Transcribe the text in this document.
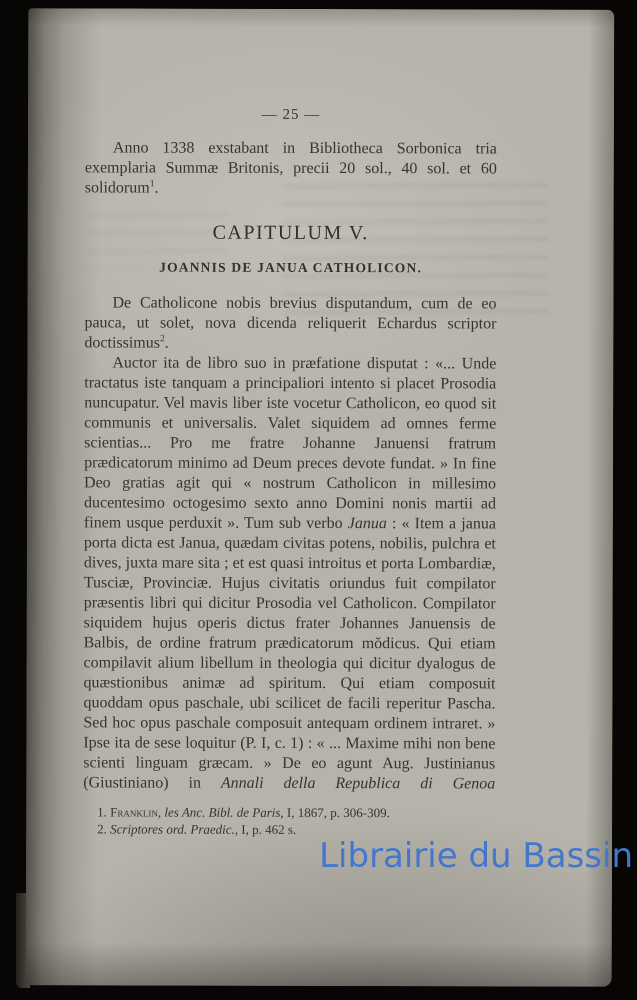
— 25 —

Anno 1338 exstabant in Bibliotheca Sorbonica tria exemplaria Summæ Britonis, precii 20 sol., 40 sol. et 60 solidorum$^1$.

CAPITULUM V.
JOANNIS DE JANUA CATHOLICON.

De Catholicone nobis brevius disputandum, cum de eo pauca, ut solet, nova dicenda reliquerit Echardus scriptor doctissimus$^2$.

Auctor ita de libro suo in præfatione disputat : «... Unde tractatus iste tanquam a principaliori intento si placet Prosodia nuncupatur. Vel mavis liber iste vocetur Catholicon, eo quod sit communis et universalis. Valet siquidem ad omnes ferme scientias... Pro me fratre Johanne Januensi fratrum prædicatorum minimo ad Deum preces devote fundat. » In fine Deo gratias agit qui « nostrum Catholicon in millesimo ducentesimo octogesimo sexto anno Domini nonis martii ad finem usque perduxit ». Tum sub verbo Janua : « Item a janua porta dicta est Janua, quædam civitas potens, nobilis, pulchra et dives, juxta mare sita ; et est quasi introitus et porta Lombardiæ, Tusciæ, Provinciæ. Hujus civitatis oriundus fuit compilator præsentis libri qui dicitur Prosodia vel Catholicon. Compilator siquidem hujus operis dictus frater Johannes Januensis de Balbis, de ordine fratrum prædicatorum mŏdicus. Qui etiam compilavit alium libellum in theologia qui dicitur dyalogus de quæstionibus animæ ad spiritum. Qui etiam composuit quoddam opus paschale, ubi scilicet de facili reperitur Pascha. Sed hoc opus paschale composuit antequam ordinem intraret. » Ipse ita de sese loquitur (P. I, c. 1) : « ... Maxime mihi non bene scienti linguam græcam. » De eo agunt Aug. Justinianus (Giustiniano) in Annali della Republica di Genoa

1. Franklin, les Anc. Bibl. de Paris, I, 1867, p. 306-309.

2. Scriptores ord. Praedic., I, p. 462 s.

Librairie du Bassin
